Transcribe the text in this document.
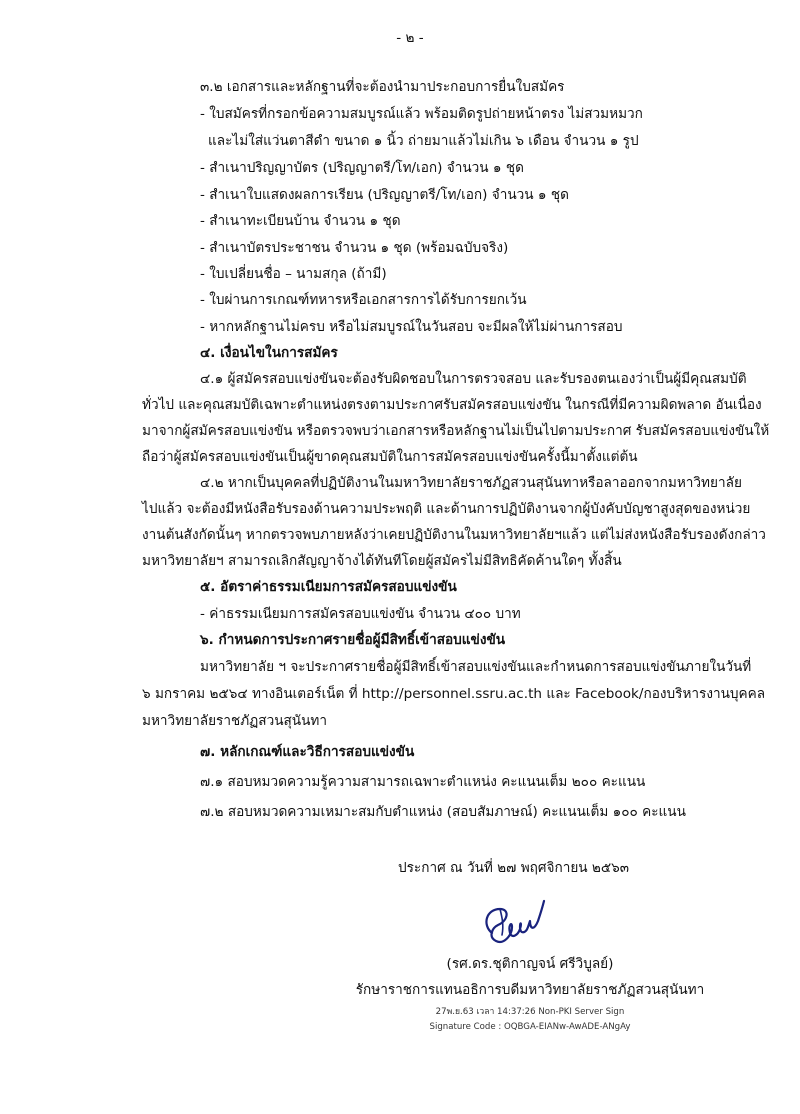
- ๒ -
๓.๒ เอกสารและหลักฐานที่จะต้องนำมาประกอบการยื่นใบสมัคร
- ใบสมัครที่กรอกข้อความสมบูรณ์แล้ว พร้อมติดรูปถ่ายหน้าตรง ไม่สวมหมวก
และไม่ใส่แว่นตาสีดำ ขนาด ๑ นิ้ว ถ่ายมาแล้วไม่เกิน ๖ เดือน จำนวน ๑ รูป
- สำเนาปริญญาบัตร (ปริญญาตรี/โท/เอก) จำนวน ๑ ชุด
- สำเนาใบแสดงผลการเรียน (ปริญญาตรี/โท/เอก) จำนวน ๑ ชุด
- สำเนาทะเบียนบ้าน จำนวน ๑ ชุด
- สำเนาบัตรประชาชน จำนวน ๑ ชุด (พร้อมฉบับจริง)
- ใบเปลี่ยนชื่อ – นามสกุล (ถ้ามี)
- ใบผ่านการเกณฑ์ทหารหรือเอกสารการได้รับการยกเว้น
- หากหลักฐานไม่ครบ หรือไม่สมบูรณ์ในวันสอบ จะมีผลให้ไม่ผ่านการสอบ
๔. เงื่อนไขในการสมัคร
๔.๑ ผู้สมัครสอบแข่งขันจะต้องรับผิดชอบในการตรวจสอบ และรับรองตนเองว่าเป็นผู้มีคุณสมบัติ
ทั่วไป และคุณสมบัติเฉพาะตำแหน่งตรงตามประกาศรับสมัครสอบแข่งขัน ในกรณีที่มีความผิดพลาด อันเนื่อง
มาจากผู้สมัครสอบแข่งขัน หรือตรวจพบว่าเอกสารหรือหลักฐานไม่เป็นไปตามประกาศ รับสมัครสอบแข่งขันให้
ถือว่าผู้สมัครสอบแข่งขันเป็นผู้ขาดคุณสมบัติในการสมัครสอบแข่งขันครั้งนี้มาตั้งแต่ต้น
๔.๒ หากเป็นบุคคลที่ปฏิบัติงานในมหาวิทยาลัยราชภัฏสวนสุนันทาหรือลาออกจากมหาวิทยาลัย
ไปแล้ว จะต้องมีหนังสือรับรองด้านความประพฤติ และด้านการปฏิบัติงานจากผู้บังคับบัญชาสูงสุดของหน่วย
งานต้นสังกัดนั้นๆ หากตรวจพบภายหลังว่าเคยปฏิบัติงานในมหาวิทยาลัยฯแล้ว แต่ไม่ส่งหนังสือรับรองดังกล่าว
มหาวิทยาลัยฯ สามารถเลิกสัญญาจ้างได้ทันทีโดยผู้สมัครไม่มีสิทธิคัดค้านใดๆ ทั้งสิ้น
๕. อัตราค่าธรรมเนียมการสมัครสอบแข่งขัน
- ค่าธรรมเนียมการสมัครสอบแข่งขัน จำนวน ๔๐๐ บาท
๖. กำหนดการประกาศรายชื่อผู้มีสิทธิ์เข้าสอบแข่งขัน
มหาวิทยาลัย ฯ จะประกาศรายชื่อผู้มีสิทธิ์เข้าสอบแข่งขันและกำหนดการสอบแข่งขันภายในวันที่
๖ มกราคม ๒๕๖๔ ทางอินเตอร์เน็ต ที่ http://personnel.ssru.ac.th และ Facebook/กองบริหารงานบุคคล
มหาวิทยาลัยราชภัฏสวนสุนันทา
๗. หลักเกณฑ์และวิธีการสอบแข่งขัน
๗.๑ สอบหมวดความรู้ความสามารถเฉพาะตำแหน่ง คะแนนเต็ม ๒๐๐ คะแนน
๗.๒ สอบหมวดความเหมาะสมกับตำแหน่ง (สอบสัมภาษณ์) คะแนนเต็ม ๑๐๐ คะแนน
ประกาศ ณ วันที่ ๒๗ พฤศจิกายน ๒๕๖๓
(รศ.ดร.ชุติกาญจน์ ศรีวิบูลย์)
รักษาราชการแทนอธิการบดีมหาวิทยาลัยราชภัฏสวนสุนันทา
27พ.ย.63 เวลา 14:37:26 Non-PKI Server Sign
Signature Code : OQBGA-EIANw-AwADE-ANgAy
